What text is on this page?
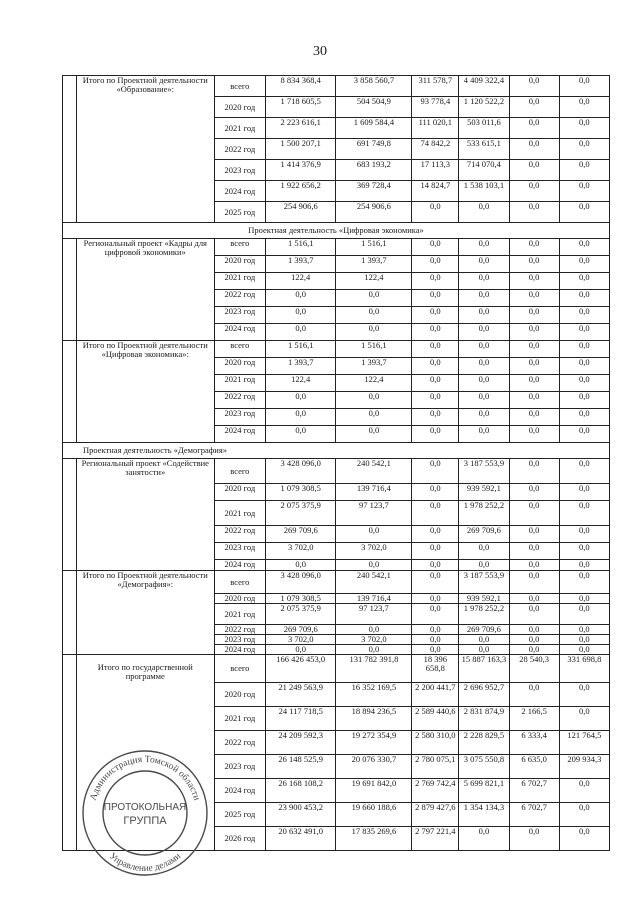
30
	Итого по Проектной деятельности «Образование»:	всего	8 834 368,4	3 858 560,7	311 578,7	4 409 322,4	0,0	0,0
		2020 год	1 718 605,5	504 504,9	93 778,4	1 120 522,2	0,0	0,0
		2021 год	2 223 616,1	1 609 584,4	111 020,1	503 011,6	0,0	0,0
		2022 год	1 500 207,1	691 749,8	74 842,2	533 615,1	0,0	0,0
		2023 год	1 414 376,9	683 193,2	17 113,3	714 070,4	0,0	0,0
		2024 год	1 922 656,2	369 728,4	14 824,7	1 538 103,1	0,0	0,0
		2025 год	254 906,6	254 906,6	0,0	0,0	0,0	0,0
Проектная деятельность «Цифровая экономика»								
	Региональный проект «Кадры для цифровой экономики»	всего	1 516,1	1 516,1	0,0	0,0	0,0	0,0
		2020 год	1 393,7	1 393,7	0,0	0,0	0,0	0,0
		2021 год	122,4	122,4	0,0	0,0	0,0	0,0
		2022 год	0,0	0,0	0,0	0,0	0,0	0,0
		2023 год	0,0	0,0	0,0	0,0	0,0	0,0
		2024 год	0,0	0,0	0,0	0,0	0,0	0,0
	Итого по Проектной деятельности «Цифровая экономика»:	всего	1 516,1	1 516,1	0,0	0,0	0,0	0,0
		2020 год	1 393,7	1 393,7	0,0	0,0	0,0	0,0
		2021 год	122,4	122,4	0,0	0,0	0,0	0,0
		2022 год	0,0	0,0	0,0	0,0	0,0	0,0
		2023 год	0,0	0,0	0,0	0,0	0,0	0,0
		2024 год	0,0	0,0	0,0	0,0	0,0	0,0
Проектная деятельность «Демография»								
	Региональный проект «Содействие занятости»	всего	3 428 096,0	240 542,1	0,0	3 187 553,9	0,0	0,0
		2020 год	1 079 308,5	139 716,4	0,0	939 592,1	0,0	0,0
		2021 год	2 075 375,9	97 123,7	0,0	1 978 252,2	0,0	0,0
		2022 год	269 709,6	0,0	0,0	269 709,6	0,0	0,0
		2023 год	3 702,0	3 702,0	0,0	0,0	0,0	0,0
		2024 год	0,0	0,0	0,0	0,0	0,0	0,0
	Итого по Проектной деятельности «Демография»:	всего	3 428 096,0	240 542,1	0,0	3 187 553,9	0,0	0,0
		2020 год	1 079 308,5	139 716,4	0,0	939 592,1	0,0	0,0
		2021 год	2 075 375,9	97 123,7	0,0	1 978 252,2	0,0	0,0
		2022 год	269 709,6	0,0	0,0	269 709,6	0,0	0,0
		2023 год	3 702,0	3 702,0	0,0	0,0	0,0	0,0
		2024 год	0,0	0,0	0,0	0,0	0,0	0,0
	Итого по государственной программе	всего	166 426 453,0	131 782 391,8	18 396 658,8	15 887 163,3	28 540,3	331 698,8
		2020 год	21 249 563,9	16 352 169,5	2 200 441,7	2 696 952,7	0,0	0,0
		2021 год	24 117 718,5	18 894 236,5	2 589 440,6	2 831 874,9	2 166,5	0,0
		2022 год	24 209 592,3	19 272 354,9	2 580 310,0	2 228 829,5	6 333,4	121 764,5
		2023 год	26 148 525,9	20 076 330,7	2 780 075,1	3 075 550,8	6 635,0	209 934,3
		2024 год	26 168 108,2	19 691 842,0	2 769 742,4	5 699 821,1	6 702,7	0,0
		2025 год	23 900 453,2	19 660 188,6	2 879 427,6	1 354 134,3	6 702,7	0,0
		2026 год	20 632 491,0	17 835 269,6	2 797 221,4	0,0	0,0	0,0
Администрация Томской области
Управление делами
ПРОТОКОЛЬНАЯ
ГРУППА
